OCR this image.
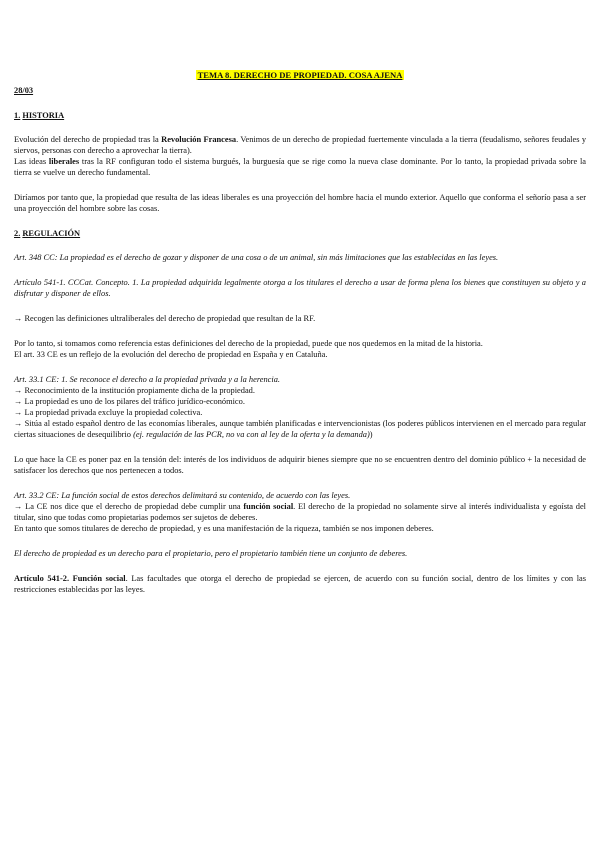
TEMA 8. DERECHO DE PROPIEDAD. COSA AJENA
28/03
1. HISTORIA

Evolución del derecho de propiedad tras la Revolución Francesa. Venimos de un derecho de propiedad fuertemente vinculada a la tierra (feudalismo, señores feudales y siervos, personas con derecho a aprovechar la tierra).

Las ideas liberales tras la RF configuran todo el sistema burgués, la burguesía que se rige como la nueva clase dominante. Por lo tanto, la propiedad privada sobre la tierra se vuelve un derecho fundamental.

Diríamos por tanto que, la propiedad que resulta de las ideas liberales es una proyección del hombre hacia el mundo exterior. Aquello que conforma el señorío pasa a ser una proyección del hombre sobre las cosas.

2. REGULACIÓN

Art. 348 CC: La propiedad es el derecho de gozar y disponer de una cosa o de un animal, sin más limitaciones que las establecidas en las leyes.

Artículo 541-1. CCCat. Concepto. 1. La propiedad adquirida legalmente otorga a los titulares el derecho a usar de forma plena los bienes que constituyen su objeto y a disfrutar y disponer de ellos.

→ Recogen las definiciones ultraliberales del derecho de propiedad que resultan de la RF.

Por lo tanto, si tomamos como referencia estas definiciones del derecho de la propiedad, puede que nos quedemos en la mitad de la historia.

El art. 33 CE es un reflejo de la evolución del derecho de propiedad en España y en Cataluña.

Art. 33.1 CE: 1. Se reconoce el derecho a la propiedad privada y a la herencia.

→ Reconocimiento de la institución propiamente dicha de la propiedad.

→ La propiedad es uno de los pilares del tráfico jurídico-económico.

→ La propiedad privada excluye la propiedad colectiva.

→ Sitúa al estado español dentro de las economías liberales, aunque también planificadas e intervencionistas (los poderes públicos intervienen en el mercado para regular ciertas situaciones de desequilibrio (ej. regulación de las PCR, no va con al ley de la oferta y la demanda))

Lo que hace la CE es poner paz en la tensión del: interés de los individuos de adquirir bienes siempre que no se encuentren dentro del dominio público + la necesidad de satisfacer los derechos que nos pertenecen a todos.

Art. 33.2 CE: La función social de estos derechos delimitará su contenido, de acuerdo con las leyes.

→ La CE nos dice que el derecho de propiedad debe cumplir una función social. El derecho de la propiedad no solamente sirve al interés individualista y egoísta del titular, sino que todas como propietarias podemos ser sujetos de deberes.

En tanto que somos titulares de derecho de propiedad, y es una manifestación de la riqueza, también se nos imponen deberes.

El derecho de propiedad es un derecho para el propietario, pero el propietario también tiene un conjunto de deberes.

Artículo 541-2. Función social. Las facultades que otorga el derecho de propiedad se ejercen, de acuerdo con su función social, dentro de los límites y con las restricciones establecidas por las leyes.
